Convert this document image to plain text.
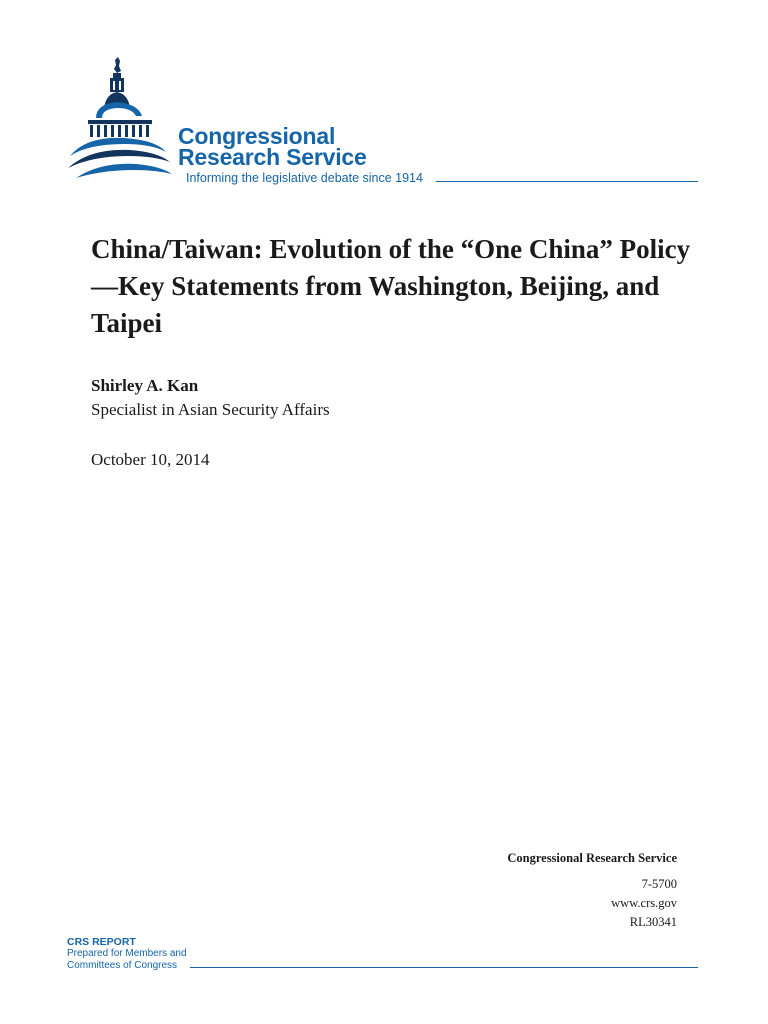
Congressional
Research Service
Informing the legislative debate since 1914
China/Taiwan: Evolution of the “One China” Policy—Key Statements from Washington, Beijing, and Taipei
Shirley A. Kan
Specialist in Asian Security Affairs
October 10, 2014
Congressional Research Service
7-5700
www.crs.gov
RL30341
CRS REPORT
Prepared for Members and
Committees of Congress
